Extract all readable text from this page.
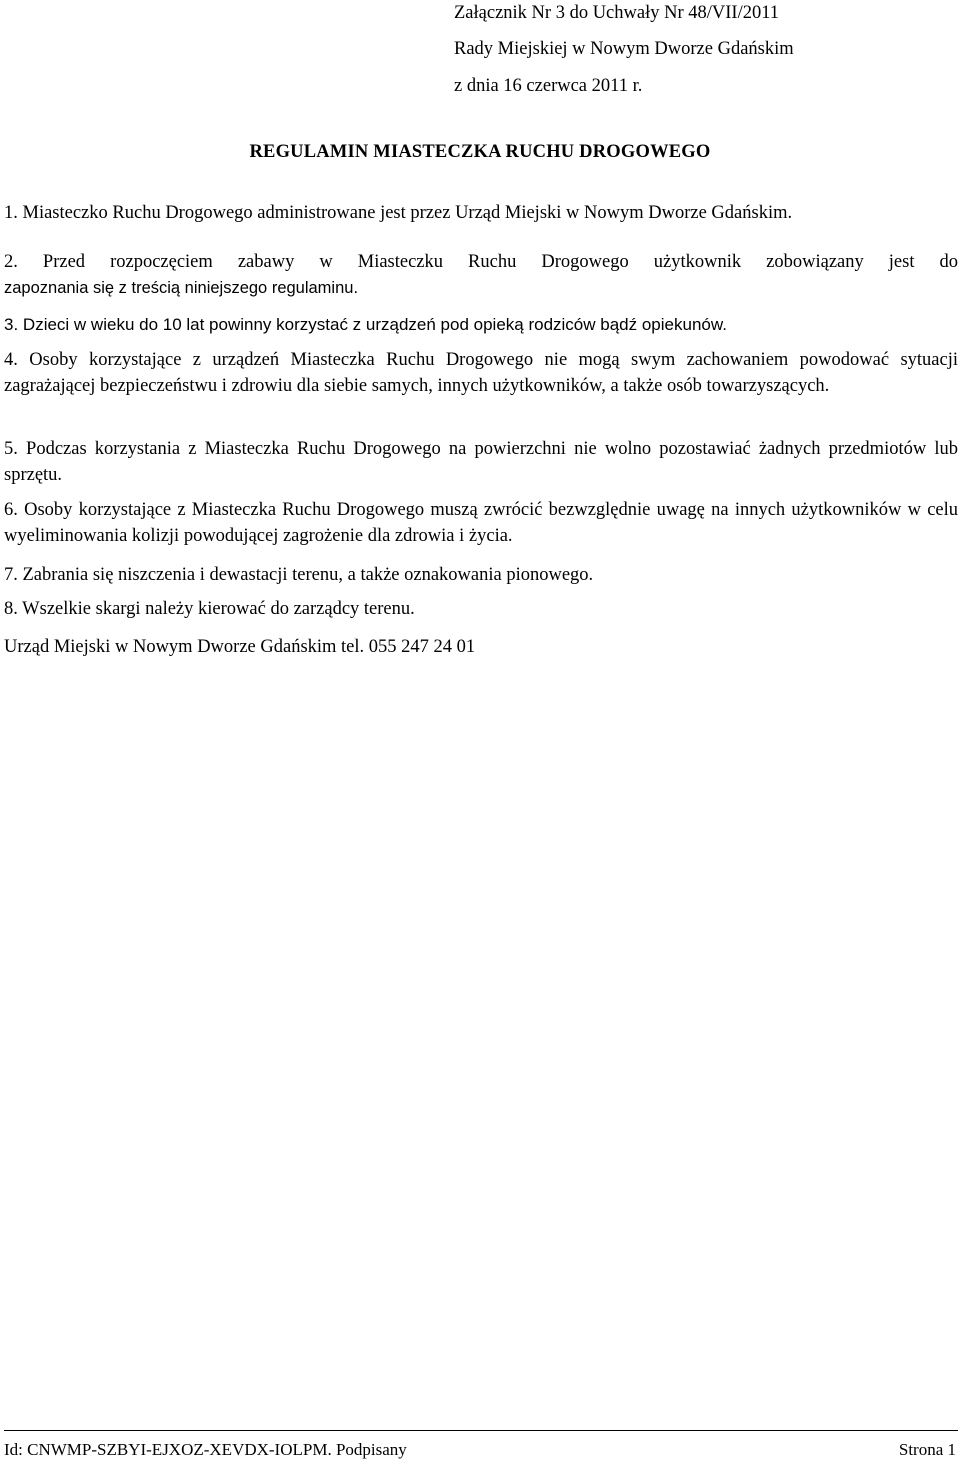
Załącznik Nr 3 do Uchwały Nr 48/VII/2011
Rady Miejskiej w Nowym Dworze Gdańskim
z dnia 16 czerwca 2011 r.
REGULAMIN MIASTECZKA RUCHU DROGOWEGO
1. Miasteczko Ruchu Drogowego administrowane jest przez Urząd Miejski w Nowym Dworze Gdańskim.
2. Przed rozpoczęciem zabawy w Miasteczku Ruchu Drogowego użytkownik zobowiązany jest do
zapoznania się z treścią niniejszego regulaminu.
3. Dzieci w wieku do 10 lat powinny korzystać z urządzeń pod opieką rodziców bądź opiekunów.
4. Osoby korzystające z urządzeń Miasteczka Ruchu Drogowego nie mogą swym zachowaniem powodować sytuacji zagrażającej bezpieczeństwu i zdrowiu dla siebie samych, innych użytkowników, a także osób towarzyszących.
5. Podczas korzystania z Miasteczka Ruchu Drogowego na powierzchni nie wolno pozostawiać żadnych przedmiotów lub sprzętu.
6. Osoby korzystające z Miasteczka Ruchu Drogowego muszą zwrócić bezwzględnie uwagę na innych użytkowników w celu wyeliminowania kolizji powodującej zagrożenie dla zdrowia i życia.
7. Zabrania się niszczenia i dewastacji terenu, a także oznakowania pionowego.
8. Wszelkie skargi należy kierować do zarządcy terenu.
Urząd Miejski w Nowym Dworze Gdańskim tel. 055 247 24 01
Id: CNWMP-SZBYI-EJXOZ-XEVDX-IOLPM. Podpisany	Strona 1
